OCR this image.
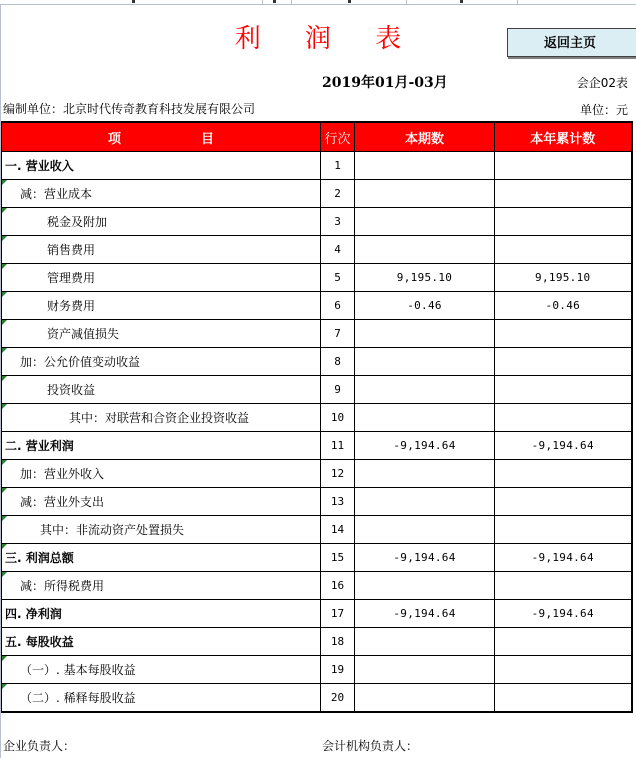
利 润 表	返回主页
2019年01月-03月	会企02表
编制单位：北京时代传奇教育科技发展有限公司	单位：元
项 目	行次	本期数	本年累计数
一. 营业收入	1		

减：营业成本	2		

税金及附加	3		

销售费用	4		

管理费用	5	9,195.10	9,195.10

财务费用	6	-0.46	-0.46

资产减值损失	7		

加：公允价值变动收益	8		

投资收益	9		

其中：对联营和合资企业投资收益	10		
二. 营业利润	11	-9,194.64	-9,194.64

加：营业外收入	12		

减：营业外支出	13		

其中：非流动资产处置损失	14		

三. 利润总额	15	-9,194.64	-9,194.64

减：所得税费用	16		
四. 净利润	17	-9,194.64	-9,194.64
五. 每股收益	18		

（一）. 基本每股收益	19		

（二）. 稀释每股收益	20		
企业负责人：	会计机构负责人：
